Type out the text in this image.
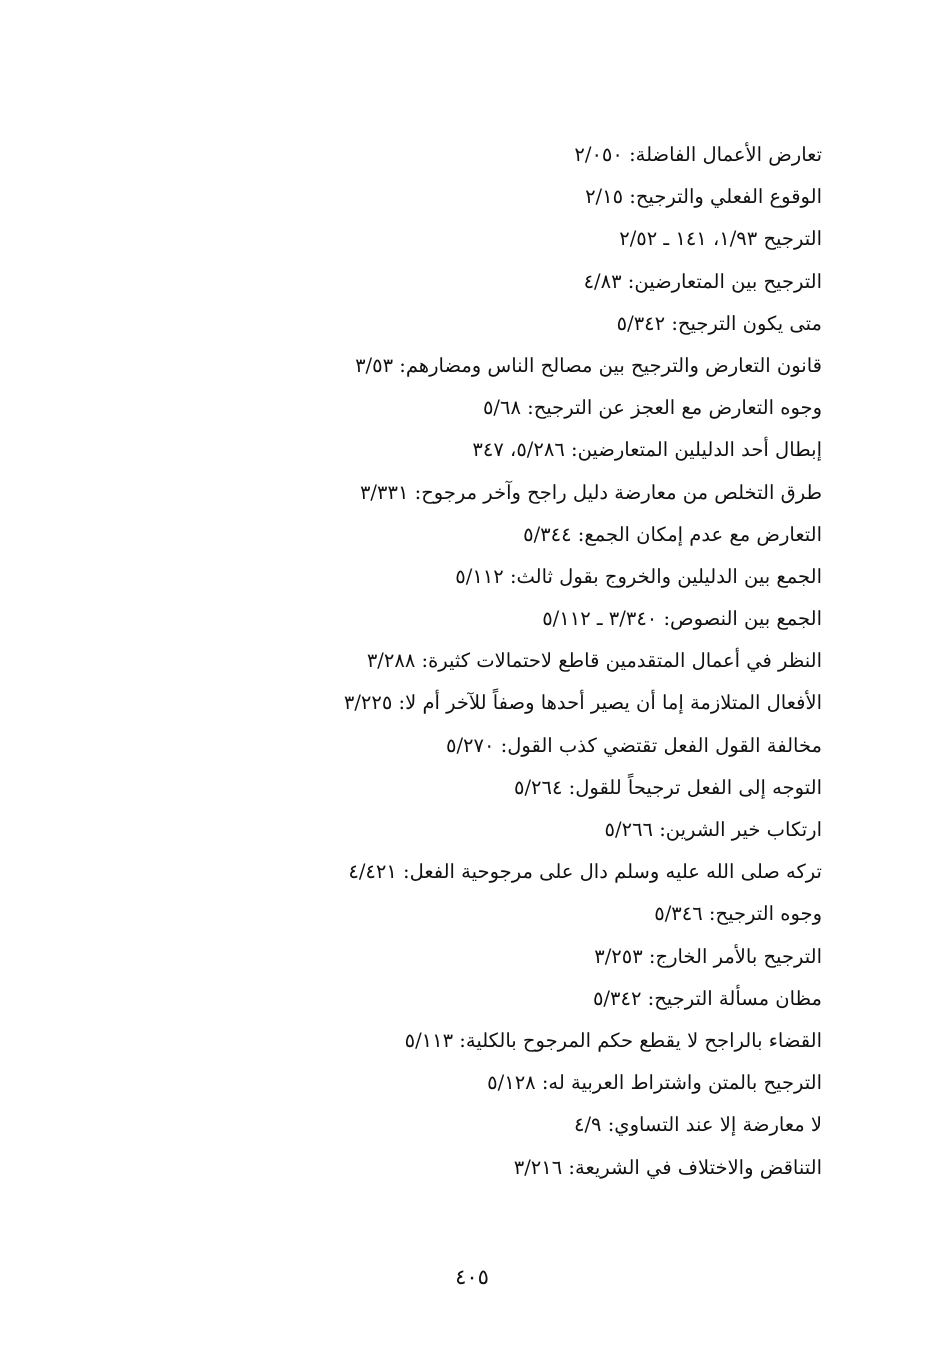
تعارض الأعمال الفاضلة: ٢/٠٥٠
الوقوع الفعلي والترجيح: ٢/١٥
الترجيح ١/٩٣، ١٤١ ـ ٢/٥٢
الترجيح بين المتعارضين: ٤/٨٣
متى يكون الترجيح: ٥/٣٤٢
قانون التعارض والترجيح بين مصالح الناس ومضارهم: ٣/٥٣
وجوه التعارض مع العجز عن الترجيح: ٥/٦٨
إبطال أحد الدليلين المتعارضين: ٥/٢٨٦، ٣٤٧
طرق التخلص من معارضة دليل راجح وآخر مرجوح: ٣/٣٣١
التعارض مع عدم إمكان الجمع: ٥/٣٤٤
الجمع بين الدليلين والخروج بقول ثالث: ٥/١١٢
الجمع بين النصوص: ٣/٣٤٠ ـ ٥/١١٢
النظر في أعمال المتقدمين قاطع لاحتمالات كثيرة: ٣/٢٨٨
الأفعال المتلازمة إما أن يصير أحدها وصفاً للآخر أم لا: ٣/٢٢٥
مخالفة القول الفعل تقتضي كذب القول: ٥/٢٧٠
التوجه إلى الفعل ترجيحاً للقول: ٥/٢٦٤
ارتكاب خير الشرين: ٥/٢٦٦
تركه صلى الله عليه وسلم دال على مرجوحية الفعل: ٤/٤٢١
وجوه الترجيح: ٥/٣٤٦
الترجيح بالأمر الخارج: ٣/٢٥٣
مظان مسألة الترجيح: ٥/٣٤٢
القضاء بالراجح لا يقطع حكم المرجوح بالكلية: ٥/١١٣
الترجيح بالمتن واشتراط العربية له: ٥/١٢٨
لا معارضة إلا عند التساوي: ٤/٩
التناقض والاختلاف في الشريعة: ٣/٢١٦
٤٠٥
